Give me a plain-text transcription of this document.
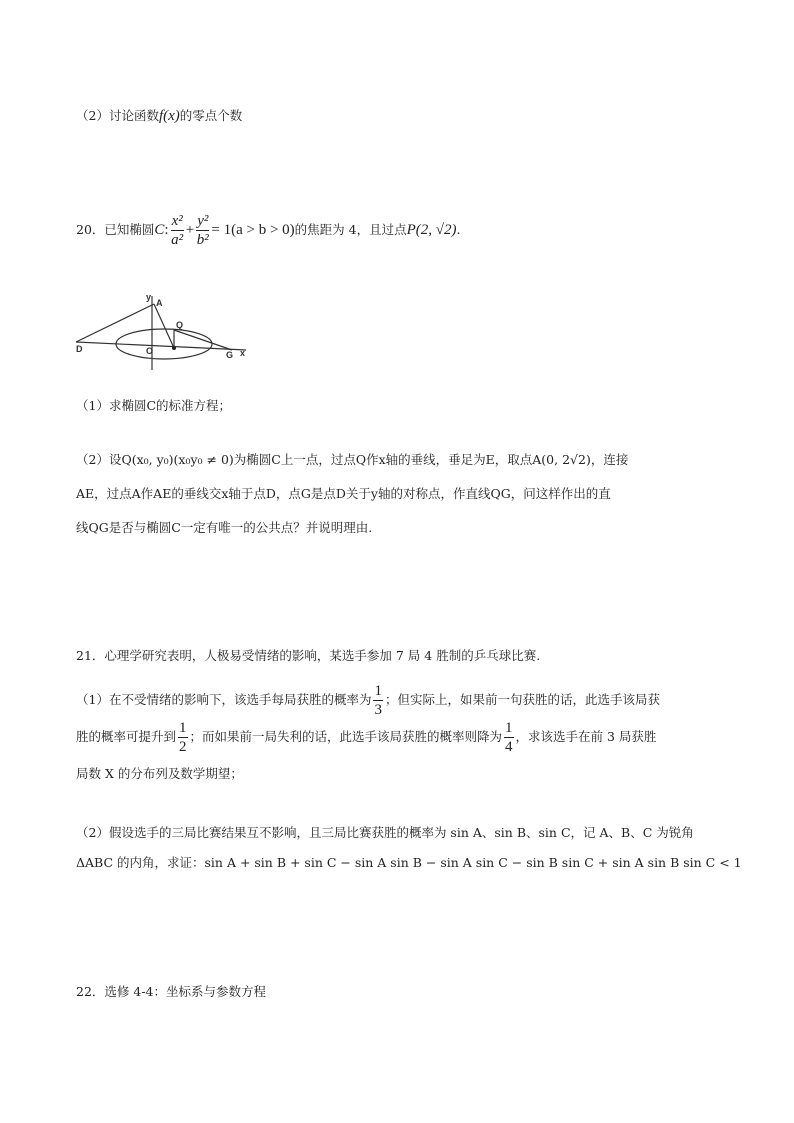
（2）讨论函数f(x)的零点个数
20．已知椭圆C: $\frac{\text{x²}}{\text{a²}} + \frac{\text{y²}}{\text{b²}} = 1(a > b > 0)$的焦距为 4，且过点P(2, √2).
y
A
Q
D	O	G x
（1）求椭圆C的标准方程；

（2）设Q(x₀, y₀)(x₀y₀ ≠ 0)为椭圆C上一点，过点Q作x轴的垂线，垂足为E，取点A(0, 2√2)，连接

AE，过点A作AE的垂线交x轴于点D，点G是点D关于y轴的对称点，作直线QG，问这样作出的直

线QG是否与椭圆C一定有唯一的公共点？并说明理由.

21．心理学研究表明，人极易受情绪的影响，某选手参加 7 局 4 胜制的乒乓球比赛.

（1）在不受情绪的影响下，该选手每局获胜的概率为 $\frac{1}{3}$ ；但实际上，如果前一句获胜的话，此选手该局获

胜的概率可提升到 $\frac{1}{2}$ ；而如果前一局失利的话，此选手该局获胜的概率则降为 $\frac{1}{4}$ ，求该选手在前 3 局获胜

局数 X 的分布列及数学期望；

（2）假设选手的三局比赛结果互不影响，且三局比赛获胜的概率为 sin A、sin B、sin C，记 A、B、C 为锐角

ΔABC 的内角，求证：sin A + sin B + sin C − sin A sin B − sin A sin C − sin B sin C + sin A sin B sin C < 1

22．选修 4-4：坐标系与参数方程
